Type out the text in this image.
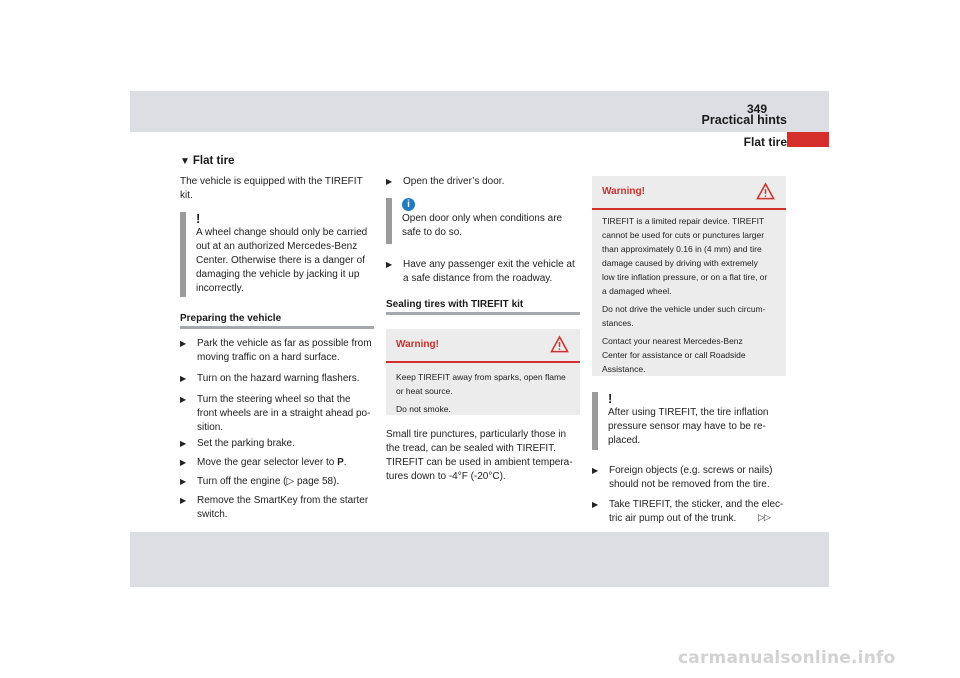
Practical hints
349
Flat tire
▼ Flat tire
The vehicle is equipped with the TIREFIT
kit.
!
A wheel change should only be carried
out at an authorized Mercedes-Benz
Center. Otherwise there is a danger of
damaging the vehicle by jacking it up
incorrectly.
Preparing the vehicle
▶	Park the vehicle as far as possible from
moving traffic on a hard surface.
▶	Turn on the hazard warning flashers.
▶	Turn the steering wheel so that the
front wheels are in a straight ahead po-
sition.
▶	Set the parking brake.
▶	Move the gear selector lever to P.
▶	Turn off the engine (▷ page 58).
▶	Remove the SmartKey from the starter
switch.
▶	Open the driver’s door.
i
Open door only when conditions are
safe to do so.
▶	Have any passenger exit the vehicle at
a safe distance from the roadway.
Sealing tires with TIREFIT kit
Warning!

Keep TIREFIT away from sparks, open flame
or heat source.

Do not smoke.

Small tire punctures, particularly those in
the tread, can be sealed with TIREFIT.
TIREFIT can be used in ambient tempera-
tures down to -4°F (-20°C).
Warning!

TIREFIT is a limited repair device. TIREFIT
cannot be used for cuts or punctures larger
than approximately 0.16 in (4 mm) and tire
damage caused by driving with extremely
low tire inflation pressure, or on a flat tire, or
a damaged wheel.

Do not drive the vehicle under such circum-
stances.

Contact your nearest Mercedes-Benz
Center for assistance or call Roadside
Assistance.

!
After using TIREFIT, the tire inflation
pressure sensor may have to be re-
placed.
▶	Foreign objects (e.g. screws or nails)
should not be removed from the tire.
▶	Take TIREFIT, the sticker, and the elec-
tric air pump out of the trunk.	▷▷
carmanualsonline.info
